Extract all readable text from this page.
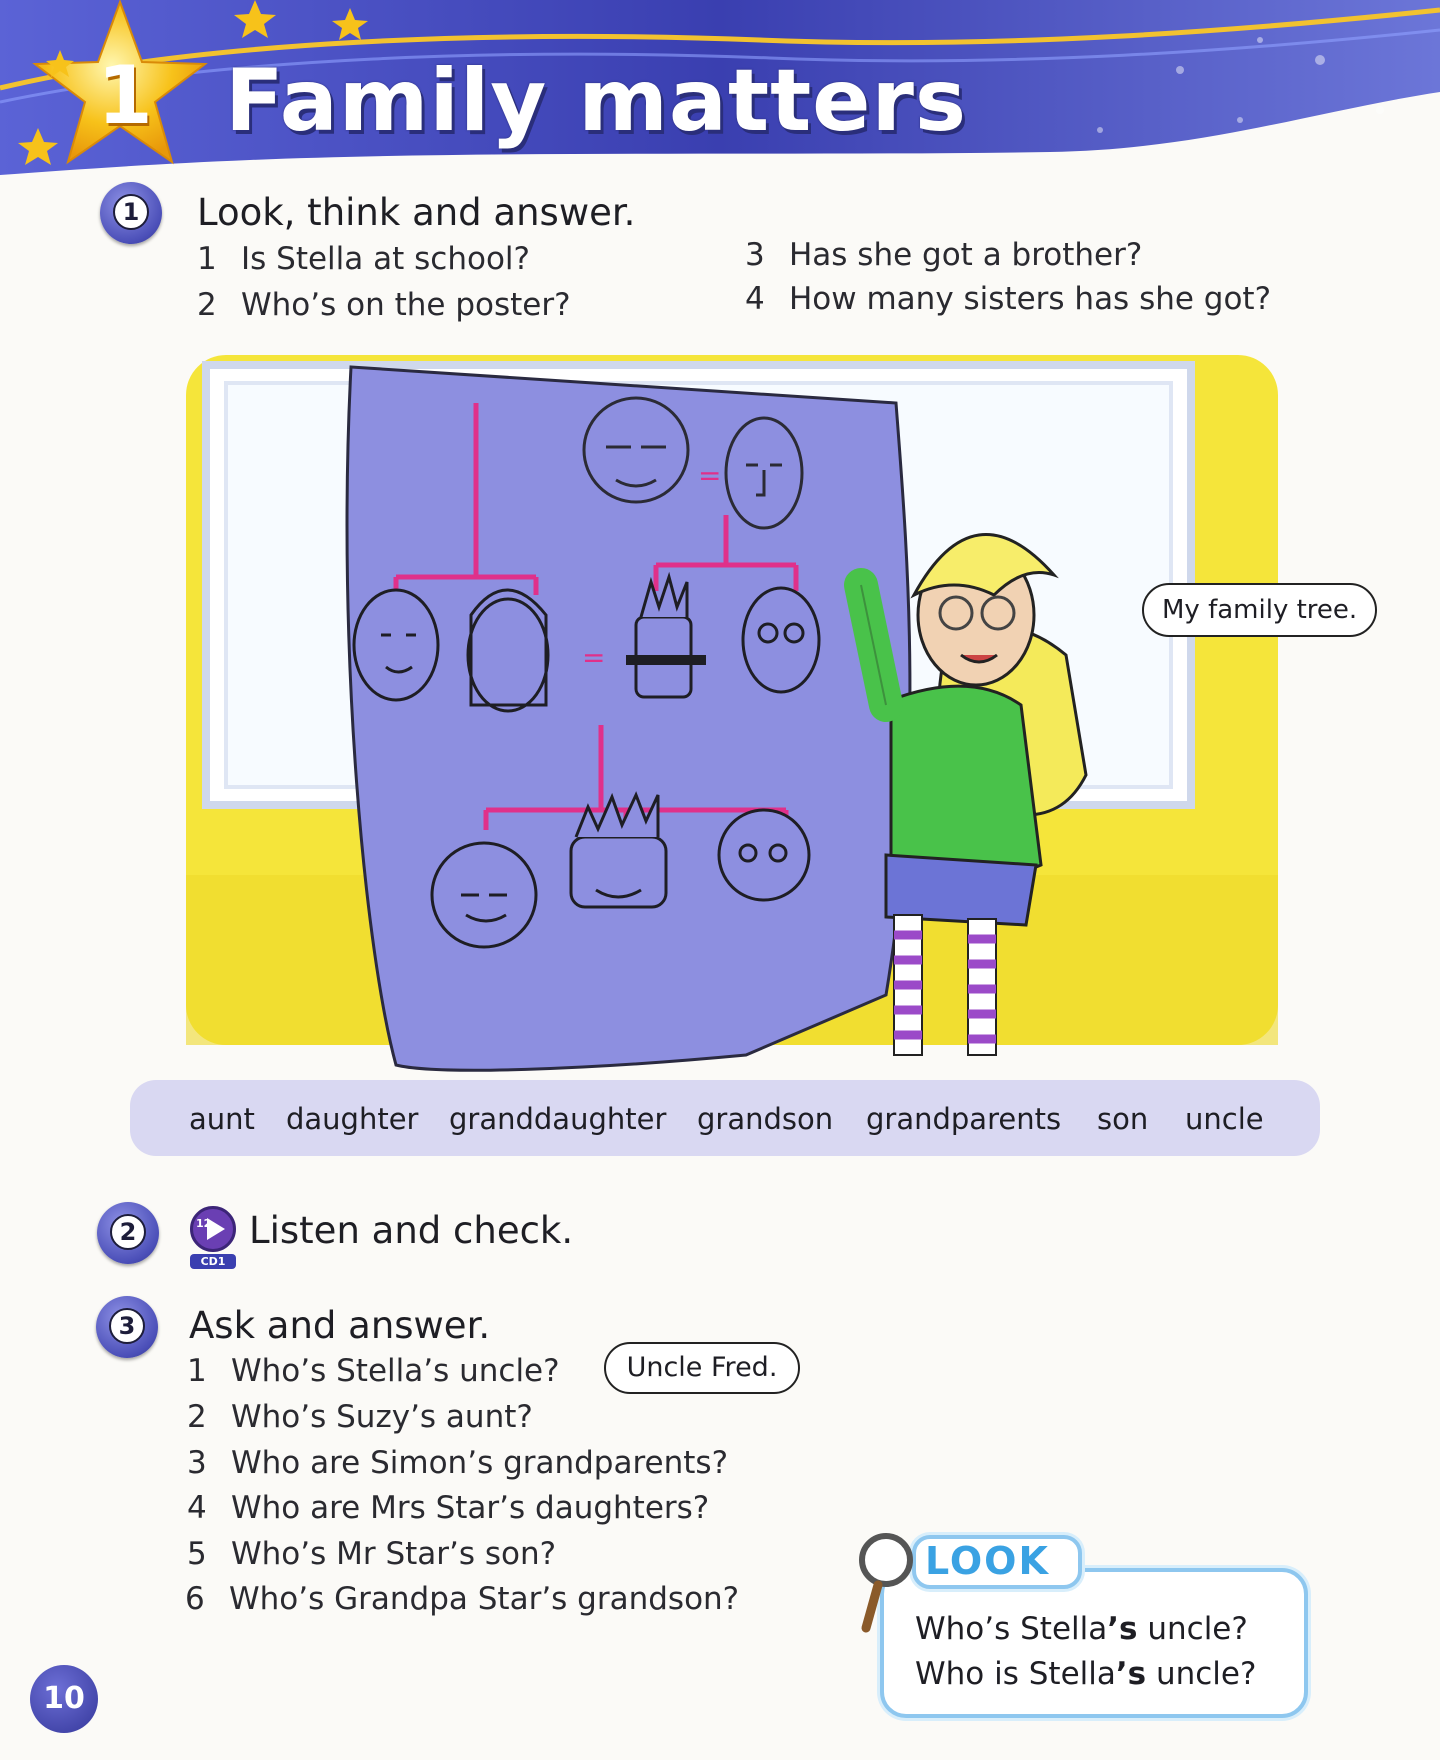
1 Family matters
1 Look, think and answer.
1 Is Stella at school?
2 Who’s on the poster?
3 Has she got a brother?
4 How many sisters has she got?
=
=
My family tree.
aunt daughter granddaughter grandson grandparents son uncle
2	12
CD1
Listen and check.
3 Ask and answer.
1 Who’s Stella’s uncle?
2 Who’s Suzy’s aunt?
3 Who are Simon’s grandparents?
4 Who are Mrs Star’s daughters?
5 Who’s Mr Star’s son?
6 Who’s Grandpa Star’s grandson?
Uncle Fred.
LOOK
Who’s Stella’s uncle?
Who is Stella’s uncle?
10
